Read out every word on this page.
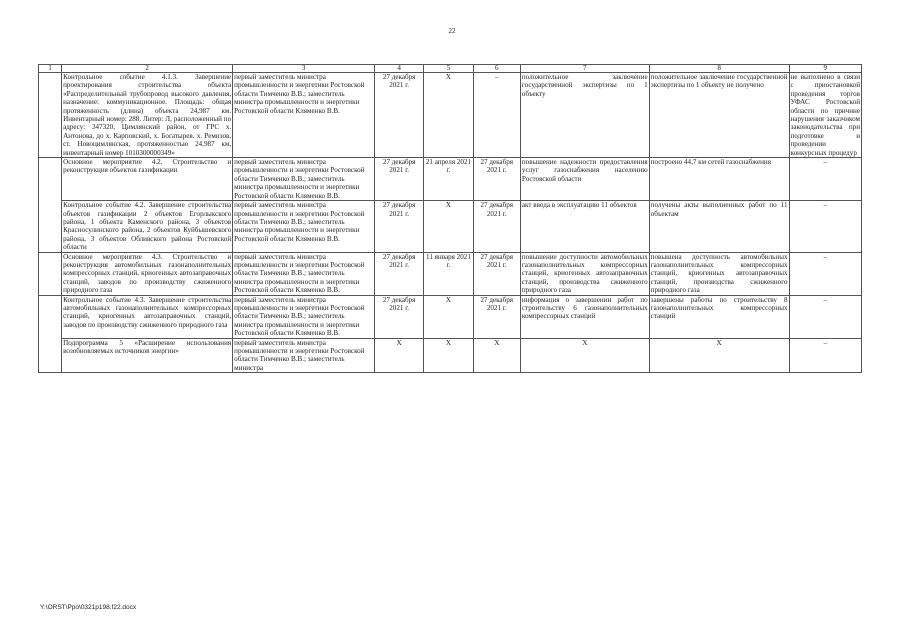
22
1	2	3	4	5	6	7	8	9
	Контрольное событие 4.1.3. Завершение проектирования строительства объекта «Распределительный трубопровод высокого давления, назначение: коммуникационное. Площадь: общая протяженность (длина) объекта 24,987 км. Инвентарный номер: 288. Литер: Л, расположенный по адресу: 347320, Цимлянский район, от ГРС х. Антонова, до х. Карповский, х. Богатырев. х. Ремизов, ст. Новоцимлянская, протяженностью 24,987 км, инвентарный номер 1010300000349»	первый заместитель министра промышленности и энергетики Ростовской области Тимченко В.В.; заместитель министра промышленности и энергетики Ростовской области Кляменко В.В.	27 декабря 2021 г.	Х	–	положительное заключение государственной экспертизы по 1 объекту	положительное заключение государственной экспертизы по 1 объекту не получено	не выполнено в связи с приостановкой проведения торгов УФАС Ростовской области по причине нарушения заказчиком законодательства при подготовке и проведении конкурсных процедур
	Основное мероприятие 4.2. Строительство и реконструкция объектов газификации	первый заместитель министра промышленности и энергетики Ростовской области Тимченко В.В.; заместитель министра промышленности и энергетики Ростовской области Кляменко В.В.	27 декабря 2021 г.	21 апреля 2021 г.	27 декабря 2021 г.	повышение надежности предоставления услуг газоснабжения населению Ростовской области	построено 44,7 км сетей газоснабжения	–
	Контрольное событие 4.2. Завершение строительства объектов газификации 2 объектов Егорлыкского района, 1 объекта Каменского района, 3 объектов Красносулинского района, 2 объектов Куйбышевского района, 3 объектов Обливского района Ростовской области	первый заместитель министра промышленности и энергетики Ростовской области Тимченко В.В.; заместитель министра промышленности и энергетики Ростовской области Кляменко В.В.	27 декабря 2021 г.	Х	27 декабря 2021 г.	акт ввода в эксплуатацию 11 объектов	получены акты выполненных работ по 11 объектам	–
	Основное мероприятие 4.3. Строительство и реконструкция автомобильных газонаполнительных компрессорных станций, криогенных автозаправочных станций, заводов по производству сжиженного природного газа	первый заместитель министра промышленности и энергетики Ростовской области Тимченко В.В.; заместитель министра промышленности и энергетики Ростовской области Кляменко В.В.	27 декабря 2021 г.	11 января 2021 г.	27 декабря 2021 г.	повышение доступности автомобильных газонаполнительных компрессорных станций, криогенных автозаправочных станций, производства сжиженного природного газа	повышена доступность автомобильных газонаполнительных компрессорных станций, криогенных автозаправочных станций, производства сжиженного природного газа	–
	Контрольное событие 4.3. Завершение строительства автомобильных газонаполнительных компрессорных станций, криогенных автозаправочных станций, заводов по производству сжиженного природного газа	первый заместитель министра промышленности и энергетики Ростовской области Тимченко В.В.; заместитель министра промышленности и энергетики Ростовской области Кляменко В.В.	27 декабря 2021 г.	Х	27 декабря 2021 г.	информация о завершении работ по строительству 6 газонаполнительных компрессорных станций	завершены работы по строительству 8 газонаполнительных компрессорных станций	–
	Подпрограмма 5 «Расширение использования возобновляемых источников энергии»	первый заместитель министра промышленности и энергетики Ростовской области Тимченко В.В.; заместитель министра	Х	Х	Х	Х	Х	–
Y:\ORST\Ppo\0321p198.f22.docx
